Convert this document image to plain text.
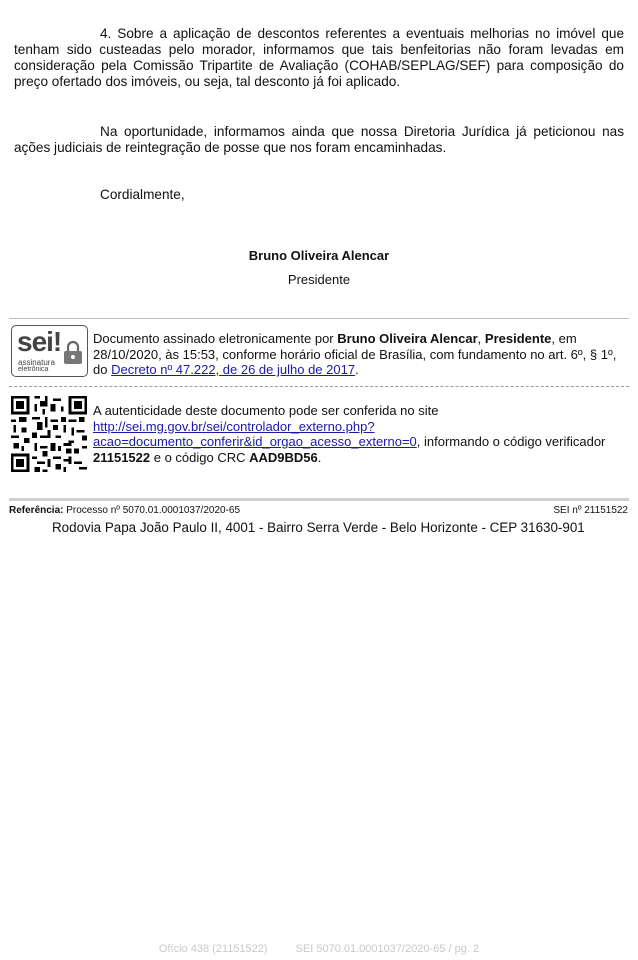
4. Sobre a aplicação de descontos referentes a eventuais melhorias no imóvel que tenham sido custeadas pelo morador, informamos que tais benfeitorias não foram levadas em consideração pela Comissão Tripartite de Avaliação (COHAB/SEPLAG/SEF) para composição do preço ofertado dos imóveis, ou seja, tal desconto já foi aplicado.

Na oportunidade, informamos ainda que nossa Diretoria Jurídica já peticionou nas ações judiciais de reintegração de posse que nos foram encaminhadas.

Cordialmente,

Bruno Oliveira Alencar

Presidente

sei!
assinatura
eletrônica

Documento assinado eletronicamente por Bruno Oliveira Alencar, Presidente, em 28/10/2020, às 15:53, conforme horário oficial de Brasília, com fundamento no art. 6º, § 1º, do Decreto nº 47.222, de 26 de julho de 2017.

A autenticidade deste documento pode ser conferida no site
http://sei.mg.gov.br/sei/controlador_externo.php?
acao=documento_conferir&id_orgao_acesso_externo=0, informando o código verificador
21151522 e o código CRC AAD9BD56.

Referência: Processo nº 5070.01.0001037/2020-65	SEI nº 21151522

Rodovia Papa João Paulo II, 4001 - Bairro Serra Verde - Belo Horizonte - CEP 31630-901

Ofício 438 (21151522)	SEI 5070.01.0001037/2020-65 / pg. 2
